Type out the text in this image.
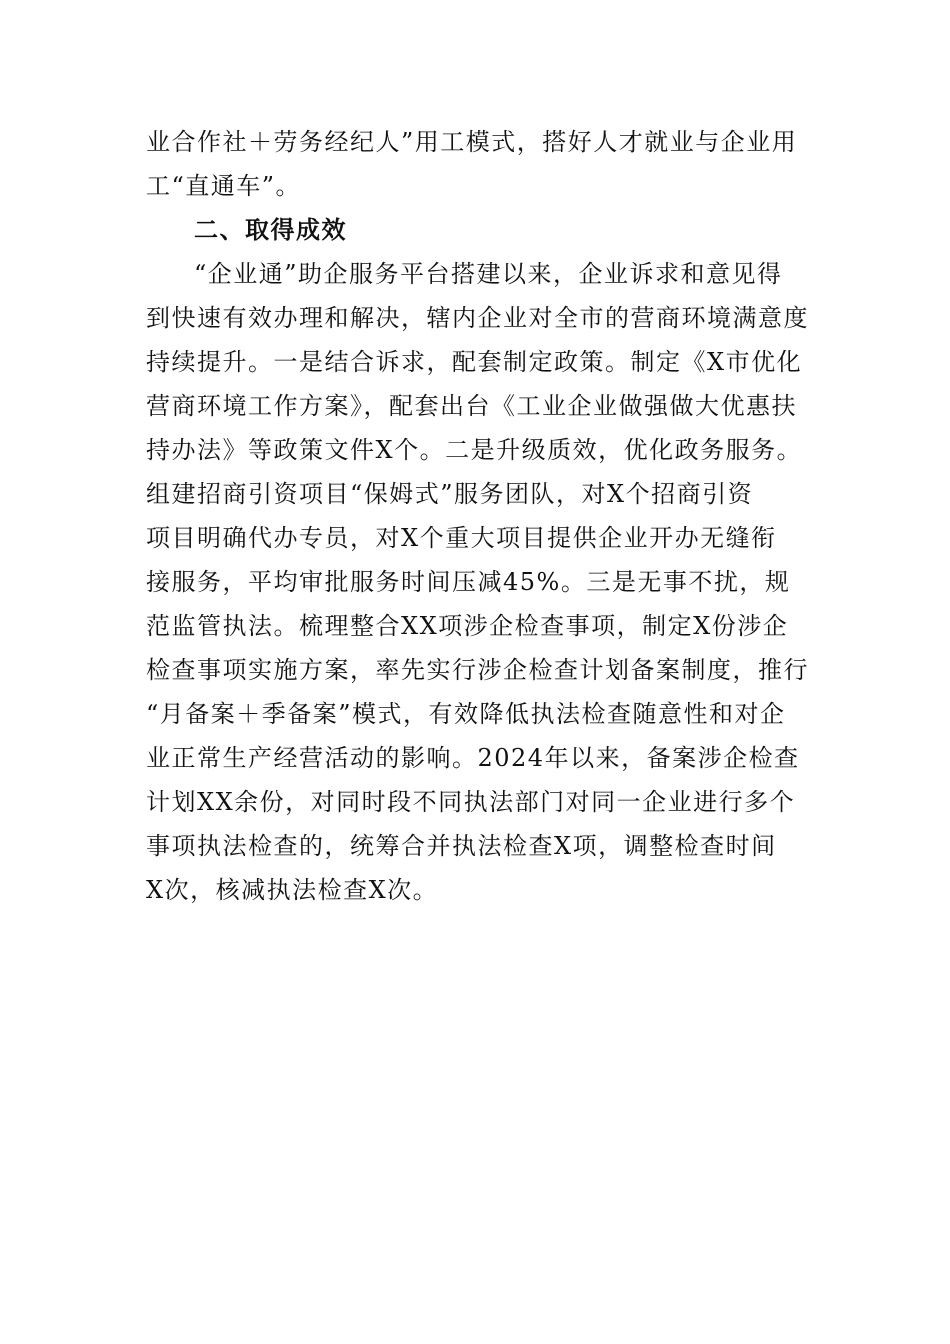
业合作社＋劳务经纪人”用工模式，搭好人才就业与企业用
工“直通车”。

二、取得成效

“企业通”助企服务平台搭建以来，企业诉求和意见得
到快速有效办理和解决，辖内企业对全市的营商环境满意度
持续提升。一是结合诉求，配套制定政策。制定《X市优化
营商环境工作方案》，配套出台《工业企业做强做大优惠扶
持办法》等政策文件X个。二是升级质效，优化政务服务。
组建招商引资项目“保姆式”服务团队，对X个招商引资
项目明确代办专员，对X个重大项目提供企业开办无缝衔
接服务，平均审批服务时间压减45%。三是无事不扰，规
范监管执法。梳理整合XX项涉企检查事项，制定X份涉企
检查事项实施方案，率先实行涉企检查计划备案制度，推行
“月备案＋季备案”模式，有效降低执法检查随意性和对企
业正常生产经营活动的影响。2024年以来，备案涉企检查
计划XX余份，对同时段不同执法部门对同一企业进行多个
事项执法检查的，统筹合并执法检查X项，调整检查时间
X次，核减执法检查X次。
